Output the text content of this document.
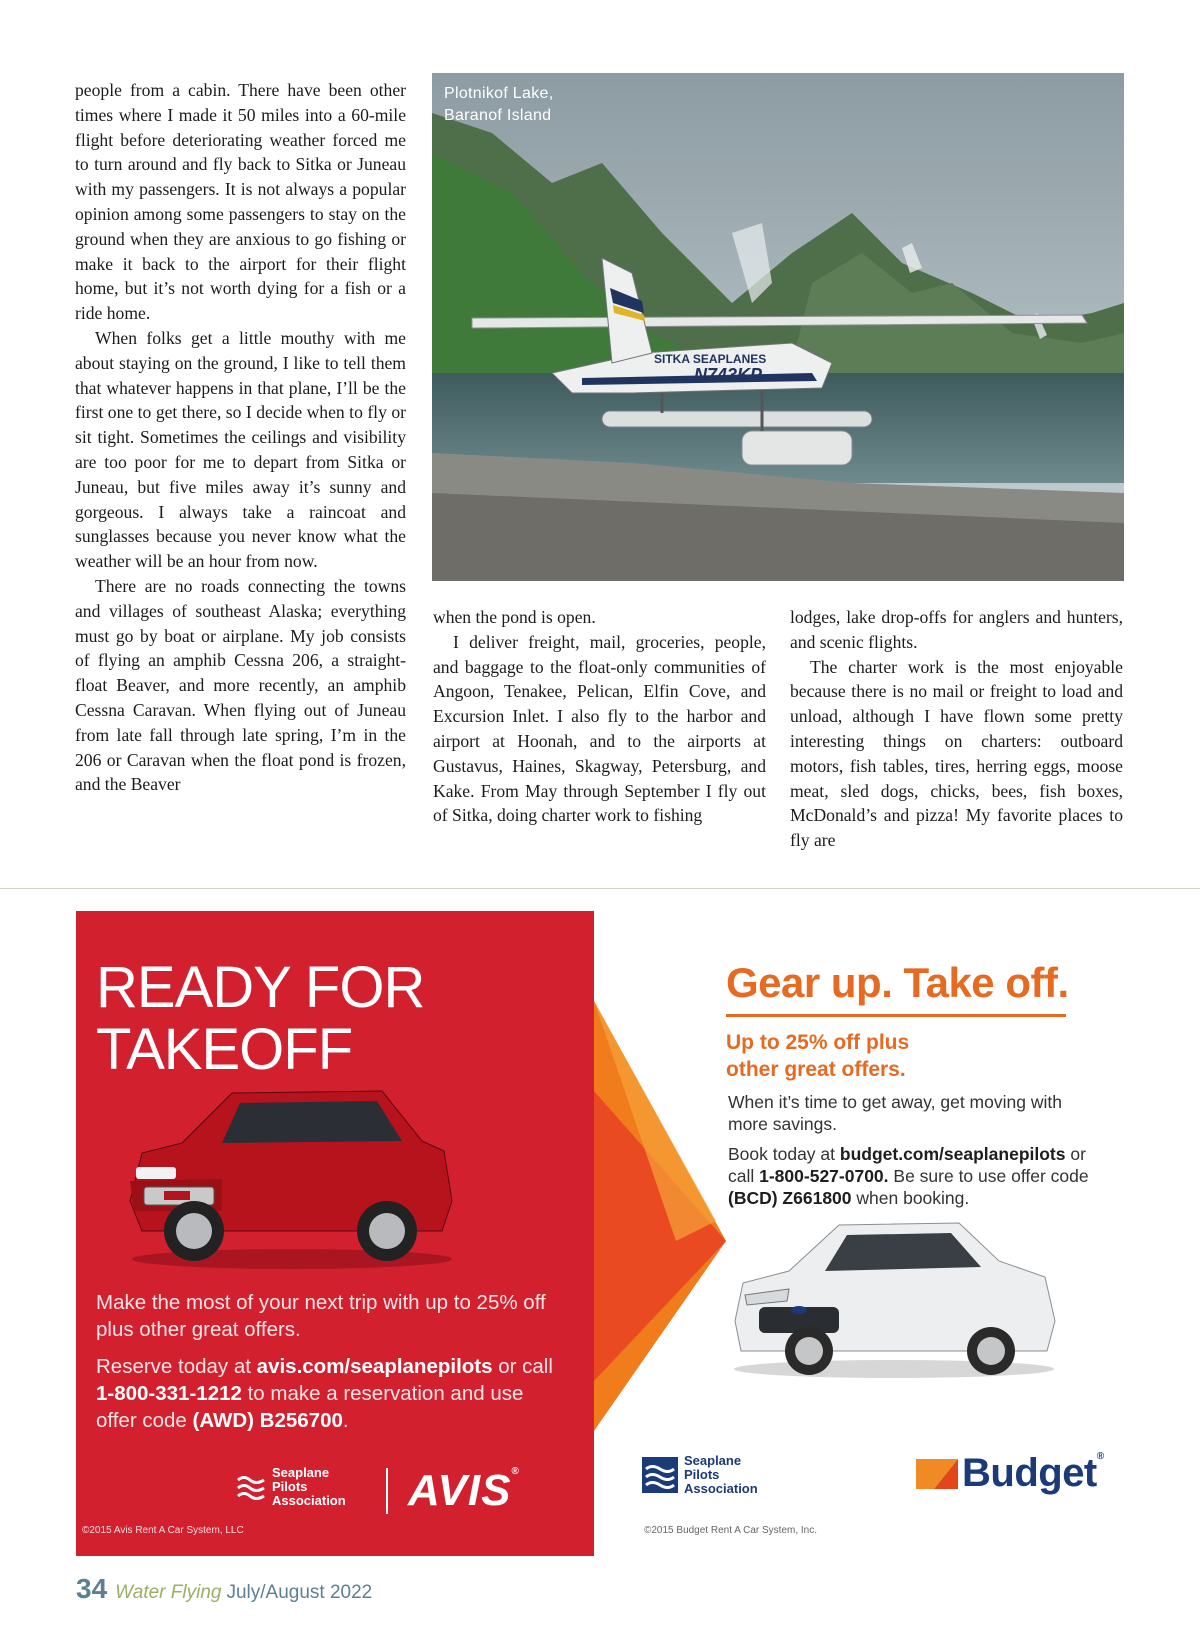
people from a cabin. There have been other times where I made it 50 miles into a 60-mile flight before deteriorating weather forced me to turn around and fly back to Sitka or Juneau with my passengers. It is not always a popular opinion among some passengers to stay on the ground when they are anxious to go fishing or make it back to the airport for their flight home, but it’s not worth dying for a fish or a ride home.

When folks get a little mouthy with me about staying on the ground, I like to tell them that whatever happens in that plane, I’ll be the first one to get there, so I decide when to fly or sit tight. Sometimes the ceilings and visibility are too poor for me to depart from Sitka or Juneau, but five miles away it’s sunny and gorgeous. I always take a raincoat and sunglasses because you never know what the weather will be an hour from now.

There are no roads connecting the towns and villages of southeast Alaska; everything must go by boat or airplane. My job consists of flying an amphib Cessna 206, a straight-float Beaver, and more recently, an amphib Cessna Caravan. When flying out of Juneau from late fall through late spring, I’m in the 206 or Caravan when the float pond is frozen, and the Beaver

SITKA SEAPLANES
N743KP
Plotnikof Lake,
Baranof Island

when the pond is open.

I deliver freight, mail, groceries, people, and baggage to the float-only communities of Angoon, Tenakee, Pelican, Elfin Cove, and Excursion Inlet. I also fly to the harbor and airport at Hoonah, and to the airports at Gustavus, Haines, Skagway, Petersburg, and Kake. From May through September I fly out of Sitka, doing charter work to fishing

lodges, lake drop-offs for anglers and hunters, and scenic flights.

The charter work is the most enjoyable because there is no mail or freight to load and unload, although I have flown some pretty interesting things on charters: outboard motors, fish tables, tires, herring eggs, moose meat, sled dogs, chicks, bees, fish boxes, McDonald’s and pizza! My favorite places to fly are

READY FOR
TAKEOFF

Make the most of your next trip with up to 25% off plus other great offers.

Reserve today at avis.com/seaplanepilots or call 1-800-331-1212 to make a reservation and use offer code (AWD) B256700.

Seaplane
Pilots
Association AVIS®
©2015 Avis Rent A Car System, LLC
Gear up. Take off.
Up to 25% off plus
other great offers.
When it’s time to get away, get moving with more savings.
Book today at budget.com/seaplanepilots or call 1-800-527-0700. Be sure to use offer code (BCD) Z661800 when booking.
Seaplane
Pilots
Association	Budget®
©2015 Budget Rent A Car System, Inc.
34 Water Flying July/August 2022
